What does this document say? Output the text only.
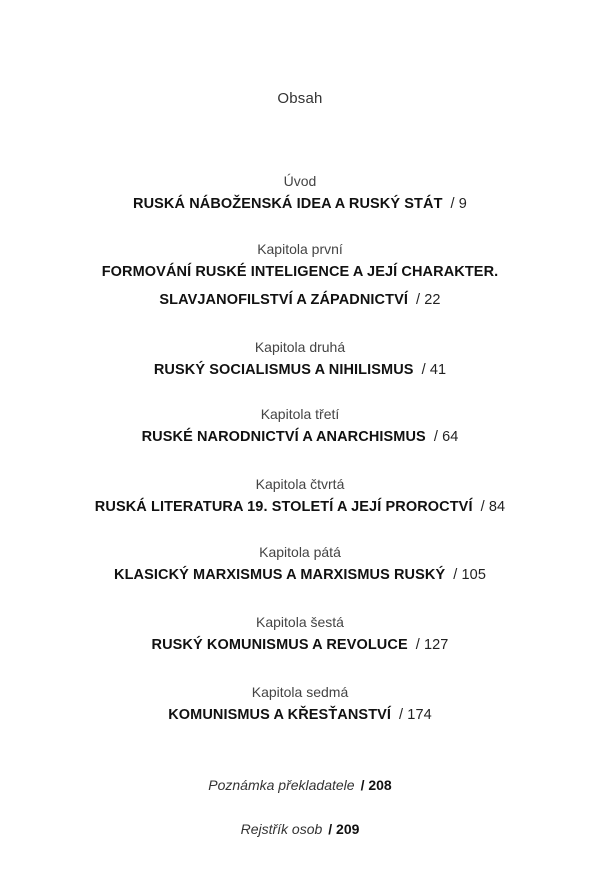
Obsah
Úvod
RUSKÁ NÁBOŽENSKÁ IDEA A RUSKÝ STÁT / 9
Kapitola první
FORMOVÁNÍ RUSKÉ INTELIGENCE A JEJÍ CHARAKTER.
SLAVJANOFILSTVÍ A ZÁPADNICTVÍ / 22
Kapitola druhá
RUSKÝ SOCIALISMUS A NIHILISMUS / 41
Kapitola třetí
RUSKÉ NARODNICTVÍ A ANARCHISMUS / 64
Kapitola čtvrtá
RUSKÁ LITERATURA 19. STOLETÍ A JEJÍ PROROCTVÍ / 84
Kapitola pátá
KLASICKÝ MARXISMUS A MARXISMUS RUSKÝ / 105
Kapitola šestá
RUSKÝ KOMUNISMUS A REVOLUCE / 127
Kapitola sedmá
KOMUNISMUS A KŘESŤANSTVÍ / 174
Poznámka překladatele / 208
Rejstřík osob / 209
